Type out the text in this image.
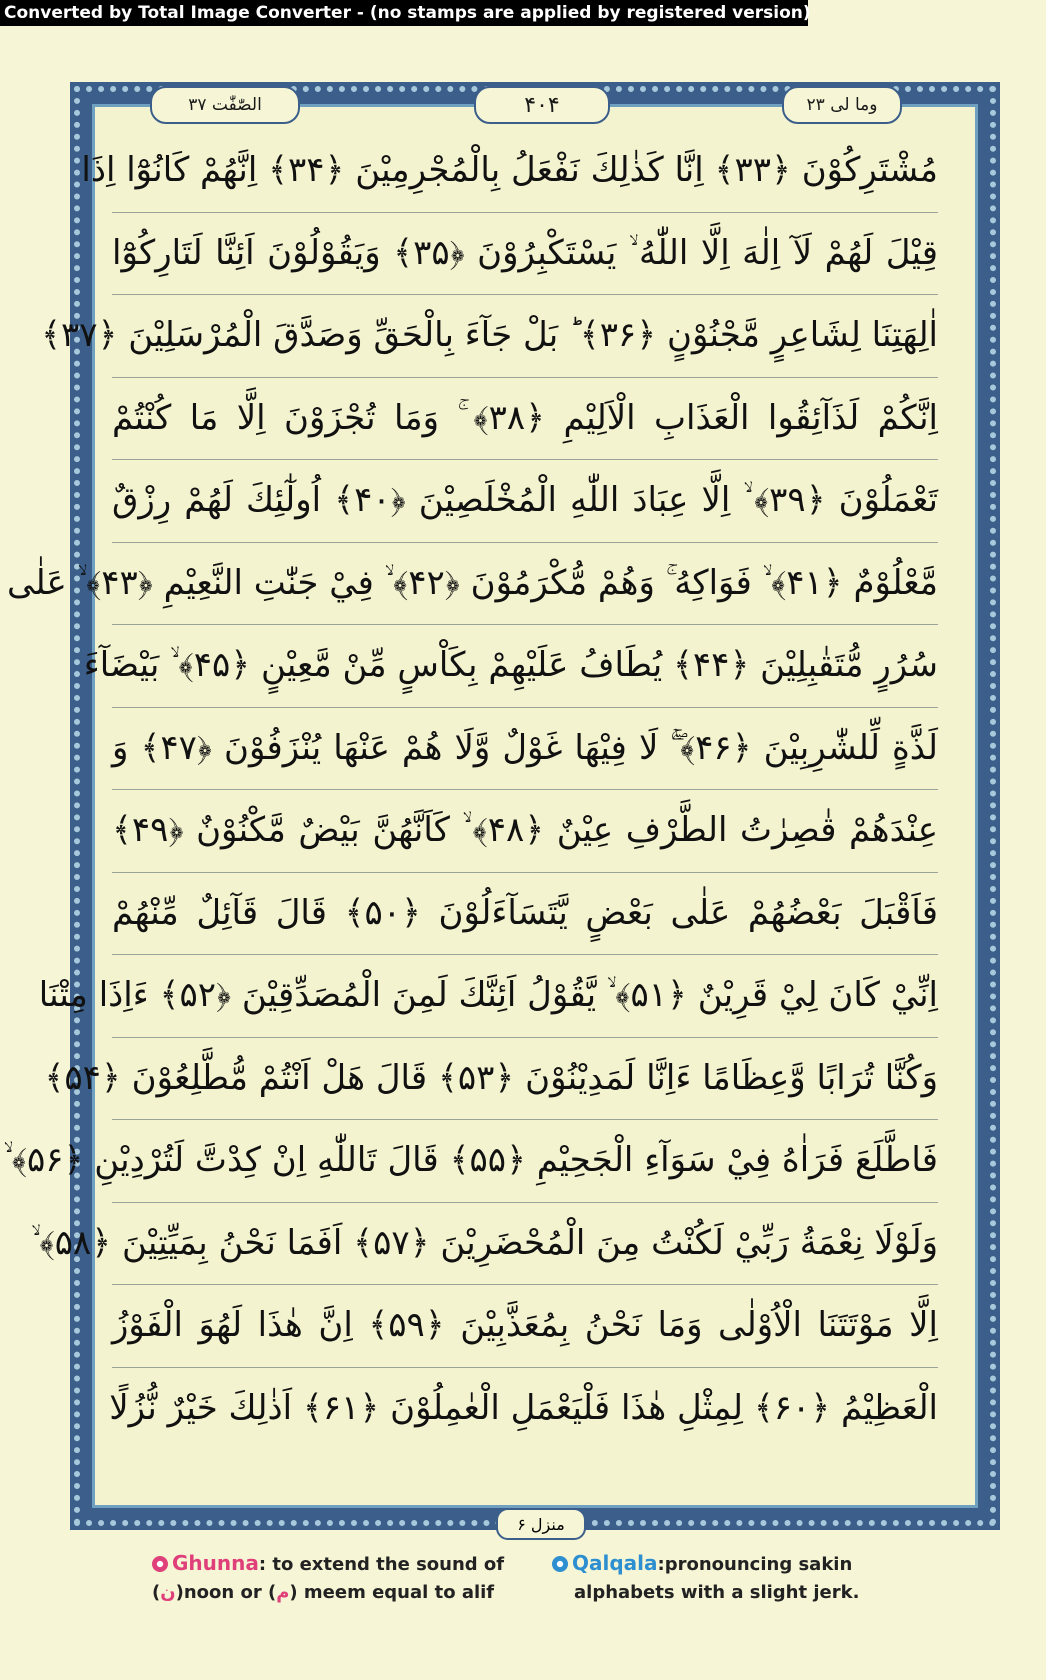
Converted by Total Image Converter - (no stamps are applied by registered version)
الصّٰفّٰت ۳۷	۴۰۴	وما لی ۲۳
مُشْتَرِكُوْنَ ﴿۳۳﴾ اِنَّا كَذٰلِكَ نَفْعَلُ بِالْمُجْرِمِيْنَ ﴿۳۴﴾ اِنَّهُمْ كَانُوْٓا اِذَا
قِيْلَ لَهُمْ لَآ اِلٰهَ اِلَّا اللّٰهُ ۙ يَسْتَكْبِرُوْنَ ﴿۳۵﴾ وَيَقُوْلُوْنَ اَئِنَّا لَتَارِكُوْٓا
اٰلِهَتِنَا لِشَاعِرٍ مَّجْنُوْنٍ ﴿۳۶﴾ ؕ بَلْ جَآءَ بِالْحَقِّ وَصَدَّقَ الْمُرْسَلِيْنَ ﴿۳۷﴾
اِنَّكُمْ لَذَآئِقُوا الْعَذَابِ الْاَلِيْمِ ﴿۳۸﴾ ۚ وَمَا تُجْزَوْنَ اِلَّا مَا كُنْتُمْ
تَعْمَلُوْنَ ﴿۳۹﴾ ۙ اِلَّا عِبَادَ اللّٰهِ الْمُخْلَصِيْنَ ﴿۴۰﴾ اُولٰٓئِكَ لَهُمْ رِزْقٌ
مَّعْلُوْمٌ ﴿۴۱﴾ ۙ فَوَاكِهُ ۚ وَهُمْ مُّكْرَمُوْنَ ﴿۴۲﴾ ۙ فِيْ جَنّٰتِ النَّعِيْمِ ﴿۴۳﴾ ۙ عَلٰى
سُرُرٍ مُّتَقٰبِلِيْنَ ﴿۴۴﴾ يُطَافُ عَلَيْهِمْ بِكَاْسٍ مِّنْ مَّعِيْنٍ ﴿۴۵﴾ ۙ بَيْضَآءَ
لَذَّةٍ لِّلشّٰرِبِيْنَ ﴿۴۶﴾ ۚۖ لَا فِيْهَا غَوْلٌ وَّلَا هُمْ عَنْهَا يُنْزَفُوْنَ ﴿۴۷﴾ وَ
عِنْدَهُمْ قٰصِرٰتُ الطَّرْفِ عِيْنٌ ﴿۴۸﴾ ۙ كَاَنَّهُنَّ بَيْضٌ مَّكْنُوْنٌ ﴿۴۹﴾
فَاَقْبَلَ بَعْضُهُمْ عَلٰى بَعْضٍ يَّتَسَآءَلُوْنَ ﴿۵۰﴾ قَالَ قَآئِلٌ مِّنْهُمْ
اِنِّيْ كَانَ لِيْ قَرِيْنٌ ﴿۵۱﴾ ۙ يَّقُوْلُ اَئِنَّكَ لَمِنَ الْمُصَدِّقِيْنَ ﴿۵۲﴾ ءَاِذَا مِتْنَا
وَكُنَّا تُرَابًا وَّعِظَامًا ءَاِنَّا لَمَدِيْنُوْنَ ﴿۵۳﴾ قَالَ هَلْ اَنْتُمْ مُّطَّلِعُوْنَ ﴿۵۴﴾
فَاطَّلَعَ فَرَاٰهُ فِيْ سَوَآءِ الْجَحِيْمِ ﴿۵۵﴾ قَالَ تَاللّٰهِ اِنْ كِدْتَّ لَتُرْدِيْنِ ﴿۵۶﴾ ۙ
وَلَوْلَا نِعْمَةُ رَبِّيْ لَكُنْتُ مِنَ الْمُحْضَرِيْنَ ﴿۵۷﴾ اَفَمَا نَحْنُ بِمَيِّتِيْنَ ﴿۵۸﴾ ۙ
اِلَّا مَوْتَتَنَا الْاُوْلٰى وَمَا نَحْنُ بِمُعَذَّبِيْنَ ﴿۵۹﴾ اِنَّ هٰذَا لَهُوَ الْفَوْزُ
الْعَظِيْمُ ﴿۶۰﴾ لِمِثْلِ هٰذَا فَلْيَعْمَلِ الْعٰمِلُوْنَ ﴿۶۱﴾ اَذٰلِكَ خَيْرٌ نُّزُلًا
منزل ۶
Ghunna: to extend the sound of
(ن)noon or (م) meem equal to alif
Qalqala:pronouncing sakin
alphabets with a slight jerk.
